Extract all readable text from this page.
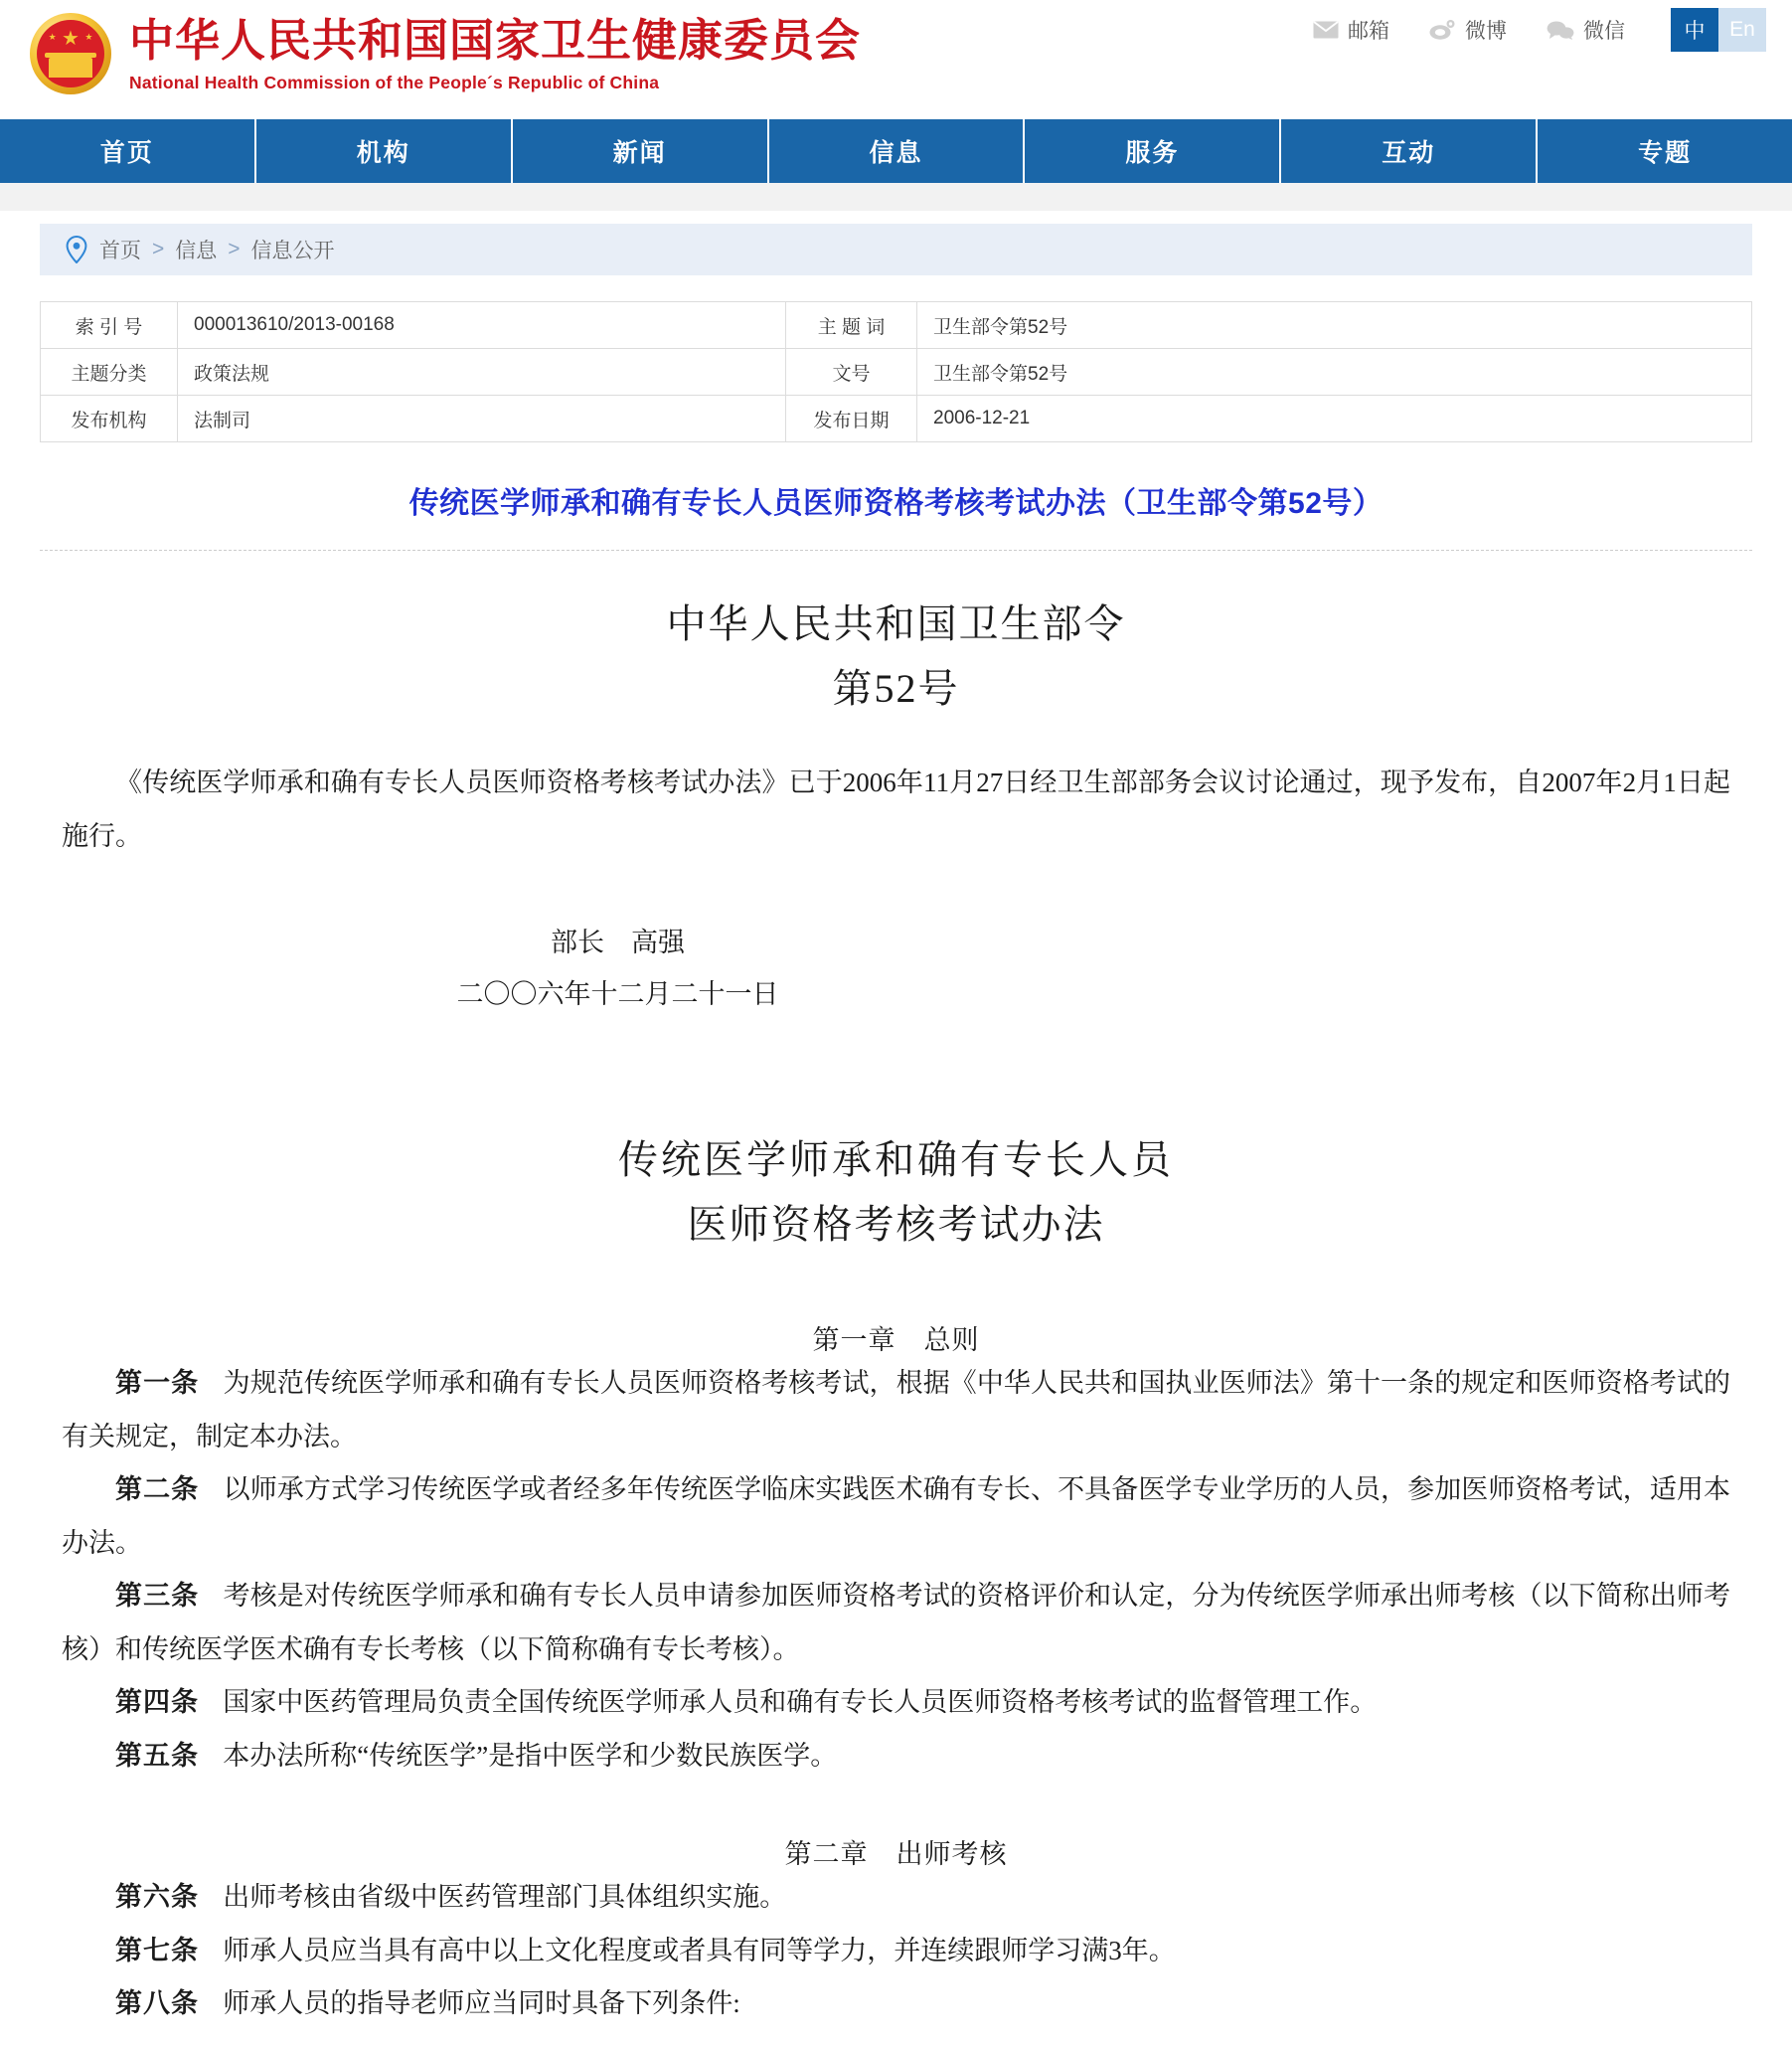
邮箱	微博	微信	中	En
★
★	★ 中华人民共和国国家卫生健康委员会
National Health Commission of the People´s Republic of China
首页	机构	新闻	信息	服务	互动	专题
首页 > 信息 > 信息公开
索 引 号	000013610/2013-00168	主 题 词	卫生部令第52号
主题分类	政策法规	文号	卫生部令第52号
发布机构	法制司	发布日期	2006-12-21
传统医学师承和确有专长人员医师资格考核考试办法（卫生部令第52号）
中华人民共和国卫生部令
第52号

《传统医学师承和确有专长人员医师资格考核考试办法》已于2006年11月27日经卫生部部务会议讨论通过，现予发布，自2007年2月1日起施行。

部长　高强
二〇〇六年十二月二十一日
传统医学师承和确有专长人员
医师资格考核考试办法
第一章　总则

第一条 为规范传统医学师承和确有专长人员医师资格考核考试，根据《中华人民共和国执业医师法》第十一条的规定和医师资格考试的有关规定，制定本办法。

第二条 以师承方式学习传统医学或者经多年传统医学临床实践医术确有专长、不具备医学专业学历的人员，参加医师资格考试，适用本办法。

第三条 考核是对传统医学师承和确有专长人员申请参加医师资格考试的资格评价和认定，分为传统医学师承出师考核（以下简称出师考核）和传统医学医术确有专长考核（以下简称确有专长考核）。

第四条 国家中医药管理局负责全国传统医学师承人员和确有专长人员医师资格考核考试的监督管理工作。

第五条 本办法所称“传统医学”是指中医学和少数民族医学。

第二章　出师考核

第六条 出师考核由省级中医药管理部门具体组织实施。

第七条 师承人员应当具有高中以上文化程度或者具有同等学力，并连续跟师学习满3年。

第八条 师承人员的指导老师应当同时具备下列条件:
